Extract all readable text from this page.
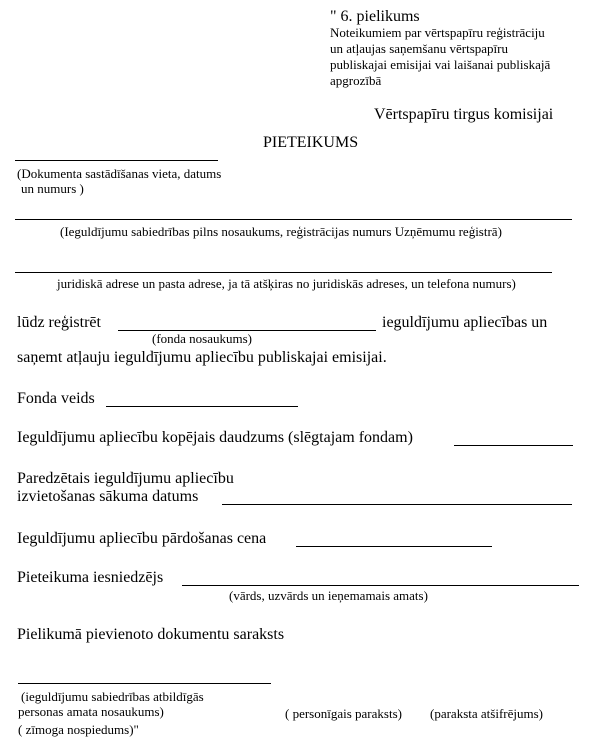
" 6. pielikums
Noteikumiem par vērtspapīru reģistrāciju
un atļaujas saņemšanu vērtspapīru
publiskajai emisijai vai laišanai publiskajā
apgrozībā
Vērtspapīru tirgus komisijai
PIETEIKUMS
(Dokumenta sastādīšanas vieta, datums
un numurs )
(Ieguldījumu sabiedrības pilns nosaukums, reģistrācijas numurs Uzņēmumu reģistrā)
juridiskā adrese un pasta adrese, ja tā atšķiras no juridiskās adreses, un telefona numurs)
lūdz reģistrēt	ieguldījumu apliecības un
(fonda nosaukums)
saņemt atļauju ieguldījumu apliecību publiskajai emisijai.
Fonda veids
Ieguldījumu apliecību kopējais daudzums (slēgtajam fondam)
Paredzētais ieguldījumu apliecību
izvietošanas sākuma datums
Ieguldījumu apliecību pārdošanas cena
Pieteikuma iesniedzējs
(vārds, uzvārds un ieņemamais amats)
Pielikumā pievienoto dokumentu saraksts
(ieguldījumu sabiedrības atbildīgās
personas amata nosaukums)	( personīgais paraksts) (paraksta atšifrējums)
( zīmoga nospiedums)"
